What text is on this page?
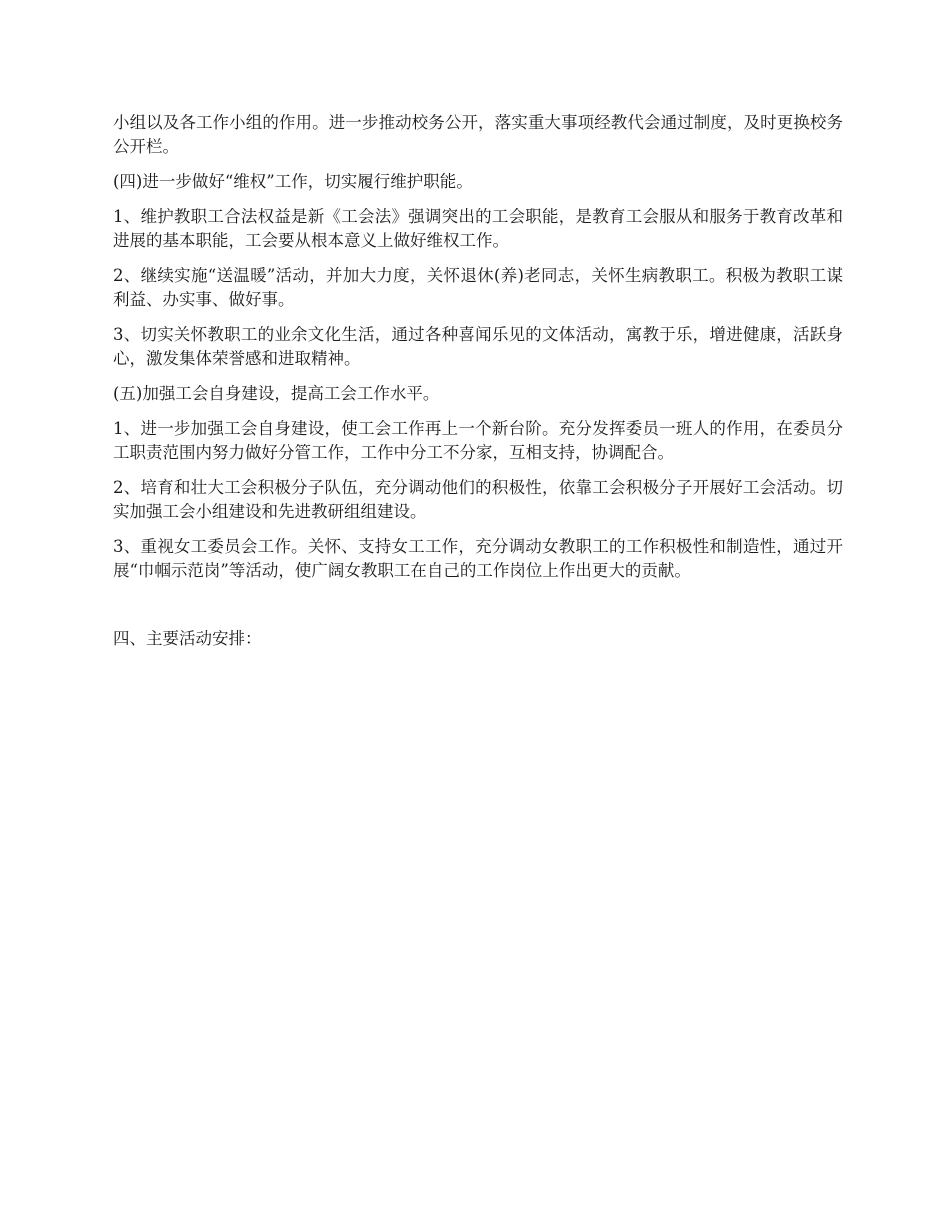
小组以及各工作小组的作用。进一步推动校务公开，落实重大事项经教代会通过制度，及时更换校务公开栏。

(四)进一步做好“维权”工作，切实履行维护职能。

1、维护教职工合法权益是新《工会法》强调突出的工会职能，是教育工会服从和服务于教育改革和进展的基本职能，工会要从根本意义上做好维权工作。

2、继续实施“送温暖”活动，并加大力度，关怀退休(养)老同志，关怀生病教职工。积极为教职工谋利益、办实事、做好事。

3、切实关怀教职工的业余文化生活，通过各种喜闻乐见的文体活动，寓教于乐，增进健康，活跃身心，激发集体荣誉感和进取精神。

(五)加强工会自身建设，提高工会工作水平。

1、进一步加强工会自身建设，使工会工作再上一个新台阶。充分发挥委员一班人的作用，在委员分工职责范围内努力做好分管工作，工作中分工不分家，互相支持，协调配合。

2、培育和壮大工会积极分子队伍，充分调动他们的积极性，依靠工会积极分子开展好工会活动。切实加强工会小组建设和先进教研组组建设。

3、重视女工委员会工作。关怀、支持女工工作，充分调动女教职工的工作积极性和制造性，通过开展“巾帼示范岗”等活动，使广阔女教职工在自己的工作岗位上作出更大的贡献。

四、主要活动安排：
